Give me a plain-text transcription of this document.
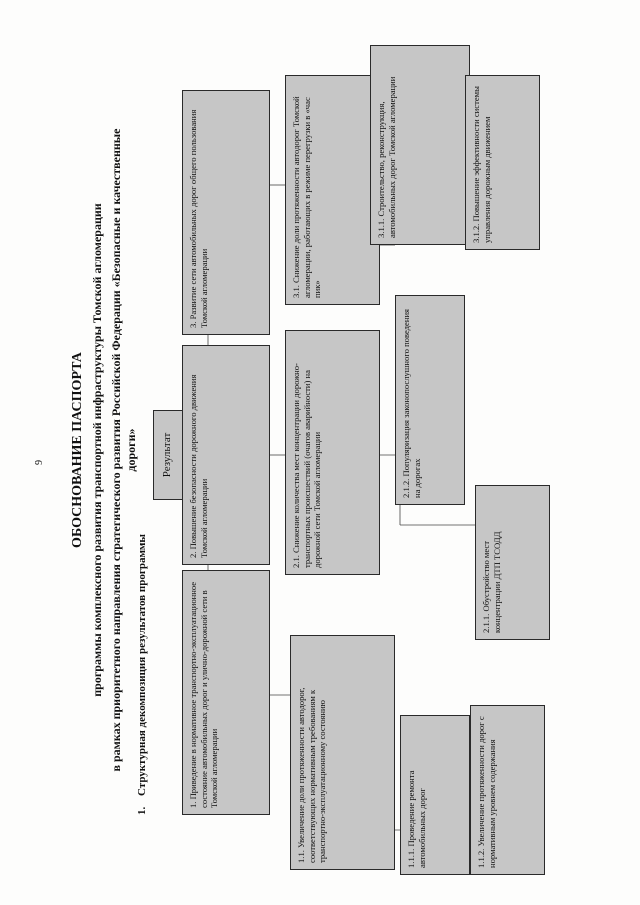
9 ОБОСНОВАНИЕ ПАСПОРТА программы комплексного развития транспортной инфраструктуры Томской агломерации в рамках приоритетного направления стратегического развития Российской Федерации «Безопасные и качественные дороги»
1. Структурная декомпозиция результатов программы
Результат
1. Приведение в нормативное транспортно-эксплуатационное состояние автомобильных дорог и улично-дорожной сети в Томской агломерации
2. Повышение безопасности дорожного движения Томской агломерации
3. Развитие сети автомобильных дорог общего пользования Томской агломерации
1.1. Увеличение доли протяженности автодорог, соответствующих нормативным требованиям к транспортно-эксплуатационному состоянию
2.1. Снижение количества мест концентрации дорожно-транспортных происшествий (очагов аварийности) на дорожной сети Томской агломерации
3.1. Снижение доли протяженности автодорог Томской агломерации, работающих в режиме перегрузки в «час пик»
1.1.1. Проведение ремонта автомобильных дорог	1.1.2. Увеличение протяженности дорог с нормативным уровнем содержания
2.1.1. Обустройство мест концентрации ДТП ТСОДД
2.1.2. Популяризация законопослушного поведения на дорогах
3.1.1. Строительство, реконструкция, автомобильных дорог Томской агломерации	3.1.2. Повышение эффективности системы управления дорожным движением
